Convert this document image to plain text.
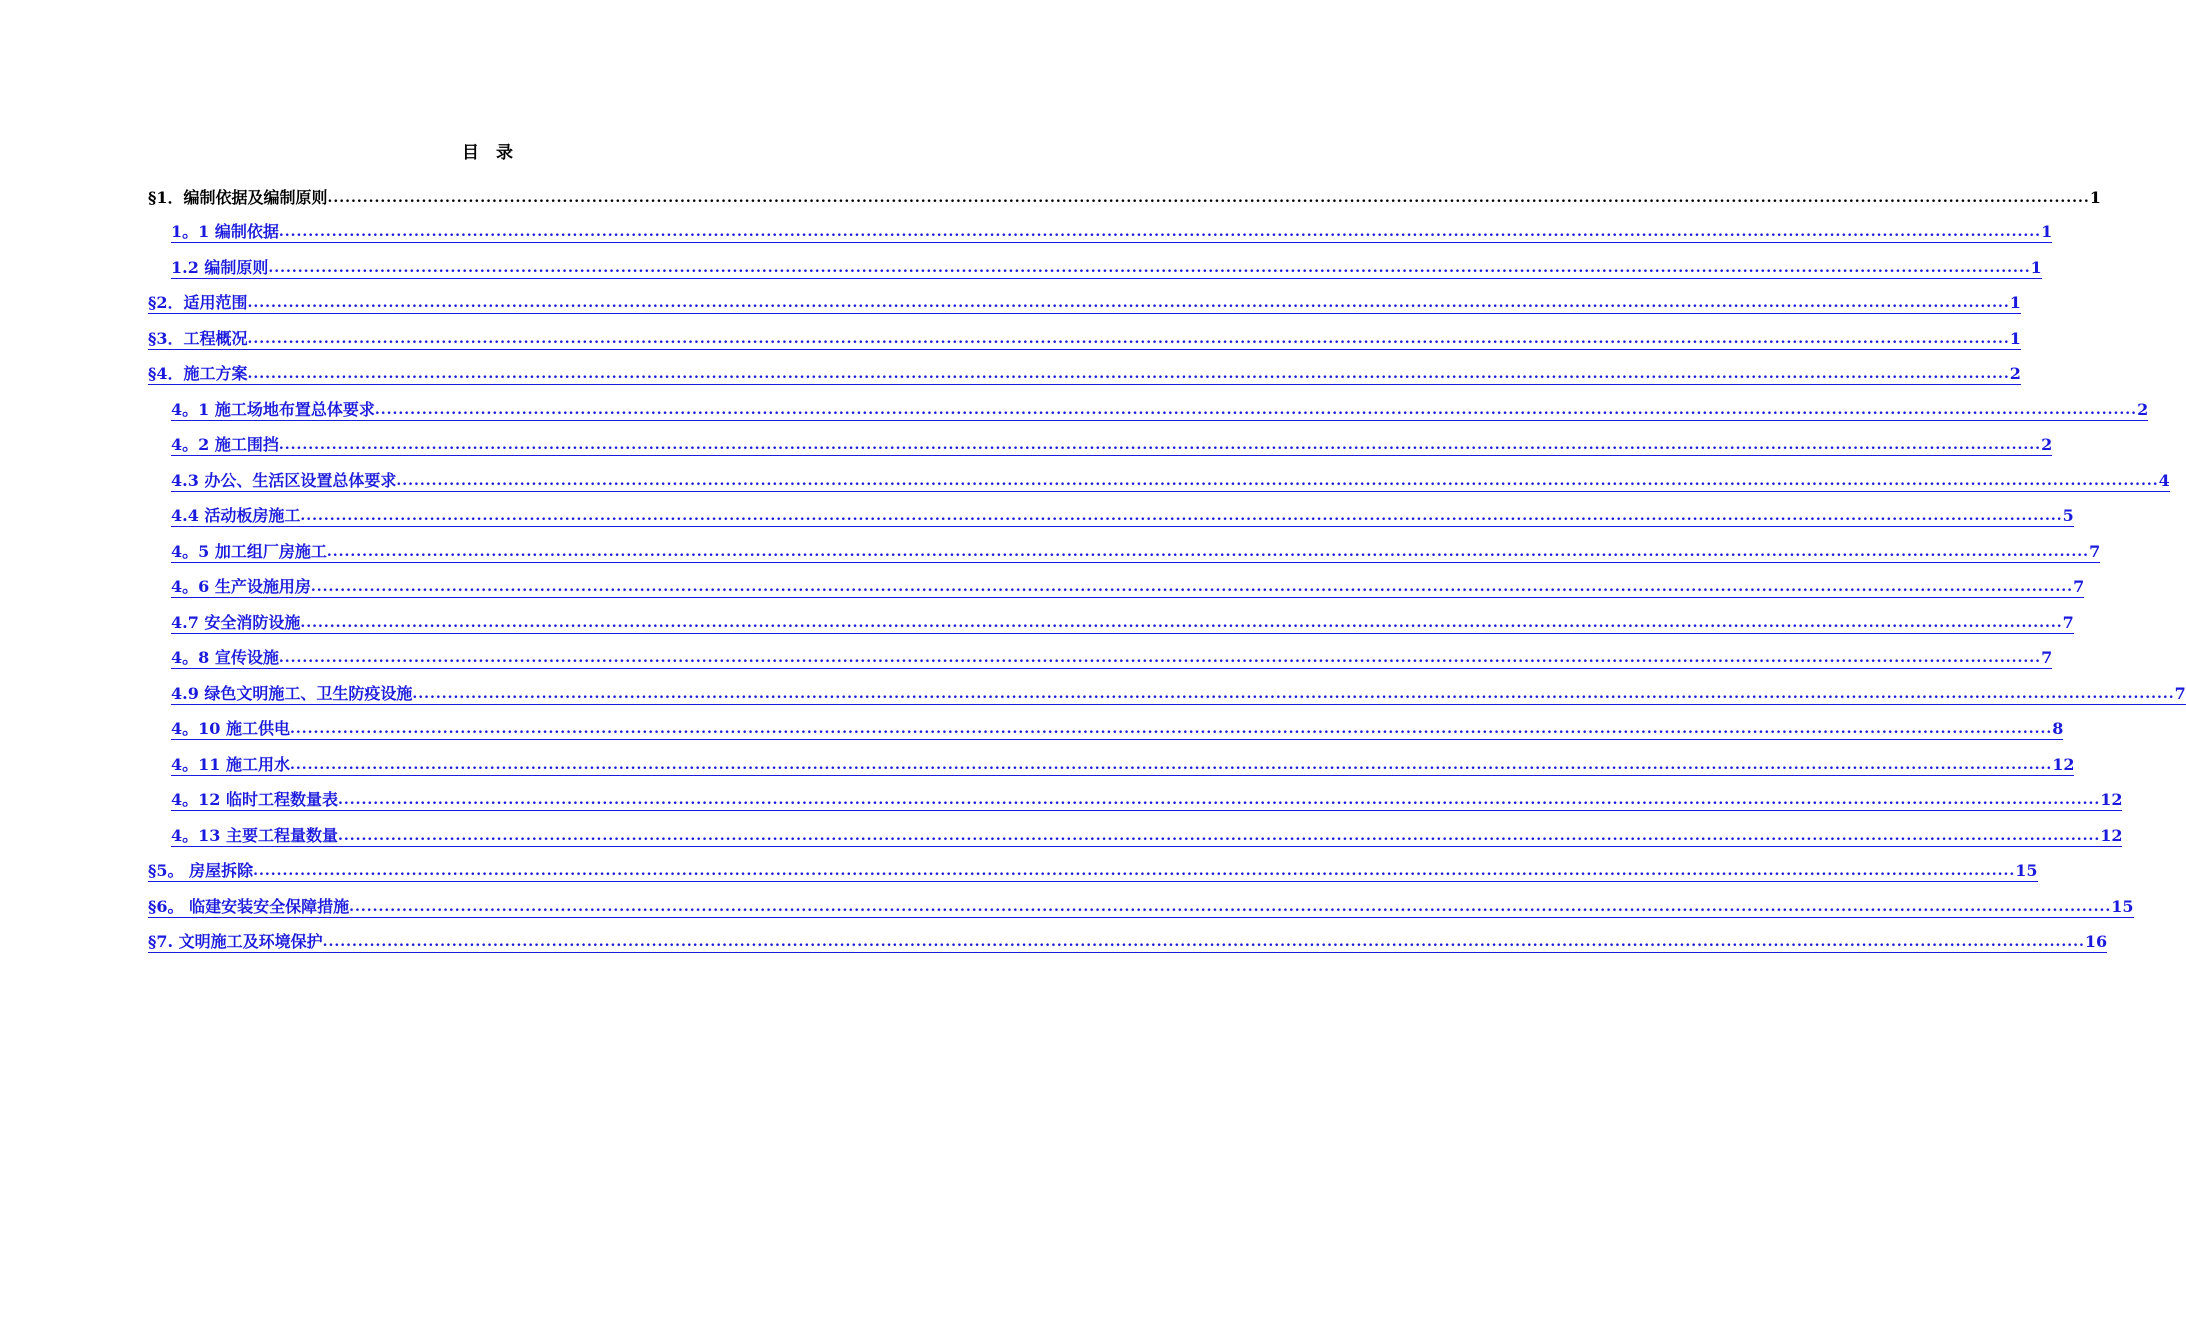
目　录
§1．编制依据及编制原则 ............................................................................................................................................................................................................................................................................................................ 1
1。1 编制依据 ............................................................................................................................................................................................................................................................................................................ 1
1.2 编制原则 ............................................................................................................................................................................................................................................................................................................ 1
§2．适用范围 ............................................................................................................................................................................................................................................................................................................ 1
§3．工程概况 ............................................................................................................................................................................................................................................................................................................ 1
§4．施工方案 ............................................................................................................................................................................................................................................................................................................ 2
4。1 施工场地布置总体要求 ............................................................................................................................................................................................................................................................................................................ 2
4。2 施工围挡 ............................................................................................................................................................................................................................................................................................................ 2
4.3 办公、生活区设置总体要求 ............................................................................................................................................................................................................................................................................................................ 4
4.4 活动板房施工 ............................................................................................................................................................................................................................................................................................................ 5
4。5 加工组厂房施工 ............................................................................................................................................................................................................................................................................................................ 7
4。6 生产设施用房 ............................................................................................................................................................................................................................................................................................................ 7
4.7 安全消防设施 ............................................................................................................................................................................................................................................................................................................ 7
4。8 宣传设施 ............................................................................................................................................................................................................................................................................................................ 7
4.9 绿色文明施工、卫生防疫设施 ............................................................................................................................................................................................................................................................................................................ 7
4。10 施工供电 ............................................................................................................................................................................................................................................................................................................ 8
4。11 施工用水 ............................................................................................................................................................................................................................................................................................................ 12
4。12 临时工程数量表 ............................................................................................................................................................................................................................................................................................................ 12
4。13 主要工程量数量 ............................................................................................................................................................................................................................................................................................................ 12
§5。 房屋拆除 ............................................................................................................................................................................................................................................................................................................ 15
§6。 临建安装安全保障措施 ............................................................................................................................................................................................................................................................................................................ 15
§7. 文明施工及环境保护 ............................................................................................................................................................................................................................................................................................................ 16
